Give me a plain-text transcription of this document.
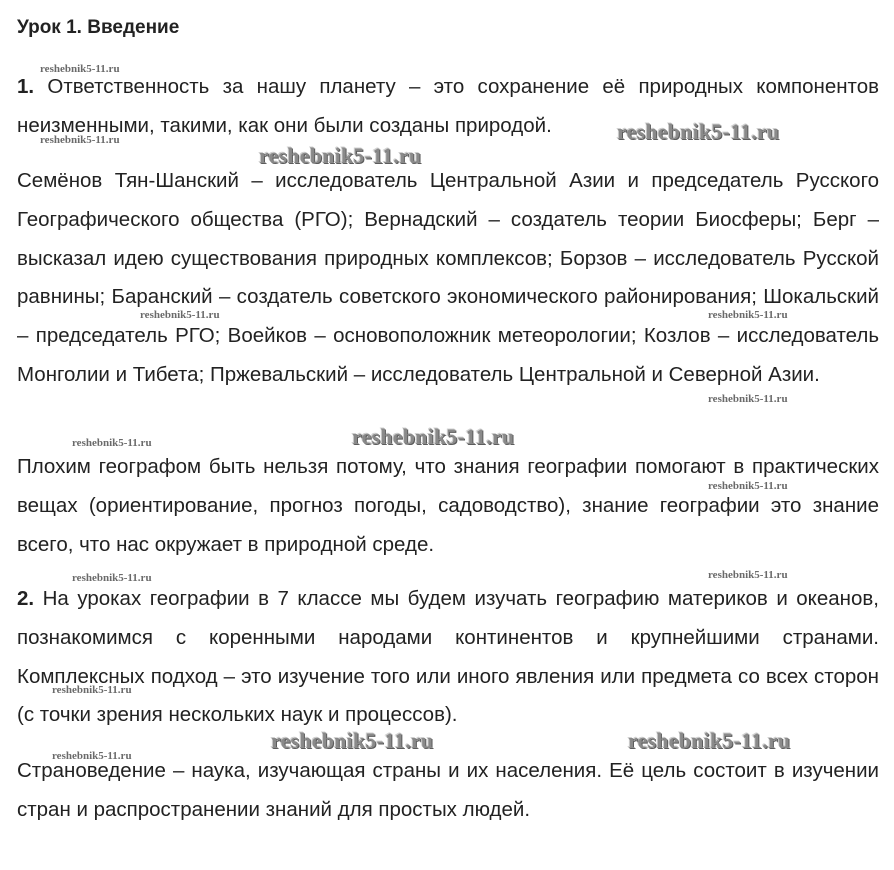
Урок 1. Введение
1. Ответственность за нашу планету – это сохранение её природных компонентов неизменными, такими, как они были созданы природой.
Семёнов Тян-Шанский – исследователь Центральной Азии и председатель Русского Географического общества (РГО); Вернадский – создатель теории Биосферы; Берг – высказал идею существования природных комплексов; Борзов – исследователь Русской равнины; Баранский – создатель советского экономического районирования; Шокальский – председатель РГО; Воейков – основоположник метеорологии; Козлов – исследователь Монголии и Тибета; Пржевальский – исследователь Центральной и Северной Азии.
Плохим географом быть нельзя потому, что знания географии помогают в практических вещах (ориентирование, прогноз погоды, садоводство), знание географии это знание всего, что нас окружает в природной среде.
2. На уроках географии в 7 классе мы будем изучать географию материков и океанов, познакомимся с коренными народами континентов и крупнейшими странами. Комплексных подход – это изучение того или иного явления или предмета со всех сторон (с точки зрения нескольких наук и процессов).
Страноведение – наука, изучающая страны и их населения. Её цель состоит в изучении стран и распространении знаний для простых людей.
reshebnik5-11.ru
reshebnik5-11.ru
reshebnik5-11.ru	reshebnik5-11.ru
reshebnik5-11.ru
reshebnik5-11.ru
reshebnik5-11.ru
reshebnik5-11.ru	reshebnik5-11.ru
reshebnik5-11.ru
reshebnik5-11.ru
reshebnik5-11.ru
reshebnik5-11.ru
reshebnik5-11.ru
reshebnik5-11.ru	reshebnik5-11.ru
